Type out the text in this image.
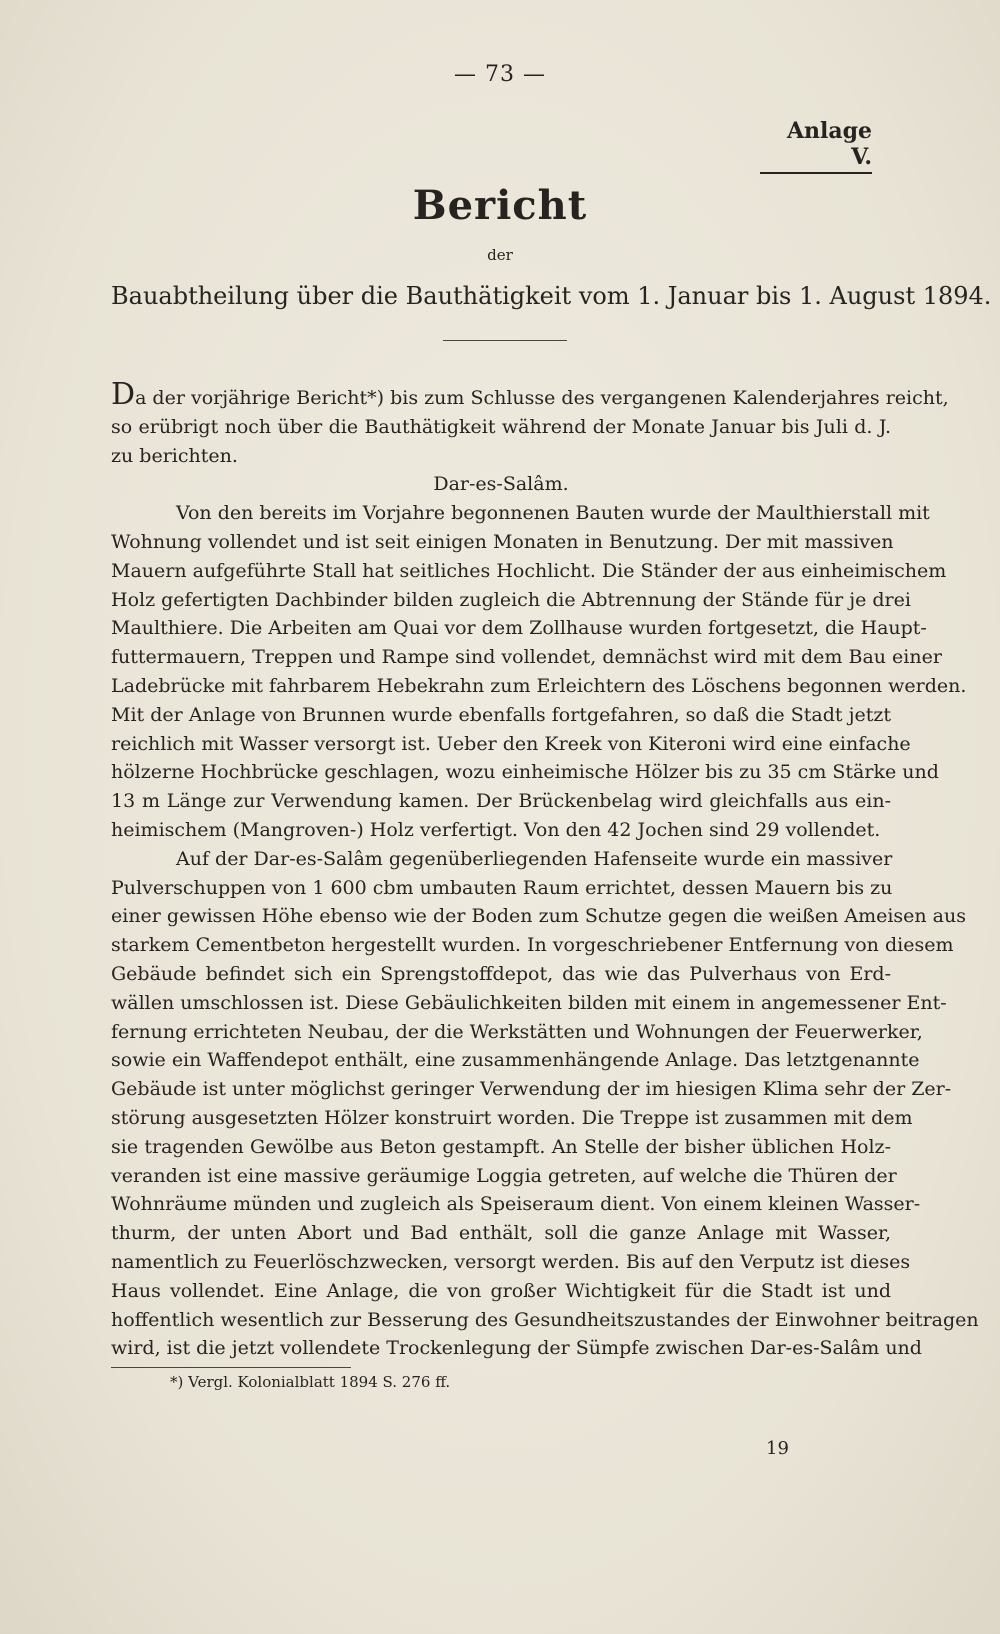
— 73 —
Anlage V.
Bericht
der
Bauabtheilung über die Bauthätigkeit vom 1. Januar bis 1. August 1894.
Da der vorjährige Bericht*) bis zum Schlusse des vergangenen Kalenderjahres reicht,
so erübrigt noch über die Bauthätigkeit während der Monate Januar bis Juli d. J.
zu berichten.
Dar-es-Salâm.
Von den bereits im Vorjahre begonnenen Bauten wurde der Maulthierstall mit
Wohnung vollendet und ist seit einigen Monaten in Benutzung. Der mit massiven
Mauern aufgeführte Stall hat seitliches Hochlicht. Die Ständer der aus einheimischem
Holz gefertigten Dachbinder bilden zugleich die Abtrennung der Stände für je drei
Maulthiere. Die Arbeiten am Quai vor dem Zollhause wurden fortgesetzt, die Haupt-
futtermauern, Treppen und Rampe sind vollendet, demnächst wird mit dem Bau einer
Ladebrücke mit fahrbarem Hebekrahn zum Erleichtern des Löschens begonnen werden.
Mit der Anlage von Brunnen wurde ebenfalls fortgefahren, so daß die Stadt jetzt
reichlich mit Wasser versorgt ist. Ueber den Kreek von Kiteroni wird eine einfache
hölzerne Hochbrücke geschlagen, wozu einheimische Hölzer bis zu 35 cm Stärke und
13 m Länge zur Verwendung kamen. Der Brückenbelag wird gleichfalls aus ein-
heimischem (Mangroven-) Holz verfertigt. Von den 42 Jochen sind 29 vollendet.
Auf der Dar-es-Salâm gegenüberliegenden Hafenseite wurde ein massiver
Pulverschuppen von 1 600 cbm umbauten Raum errichtet, dessen Mauern bis zu
einer gewissen Höhe ebenso wie der Boden zum Schutze gegen die weißen Ameisen aus
starkem Cementbeton hergestellt wurden. In vorgeschriebener Entfernung von diesem
Gebäude befindet sich ein Sprengstoffdepot, das wie das Pulverhaus von Erd-
wällen umschlossen ist. Diese Gebäulichkeiten bilden mit einem in angemessener Ent-
fernung errichteten Neubau, der die Werkstätten und Wohnungen der Feuerwerker,
sowie ein Waffendepot enthält, eine zusammenhängende Anlage. Das letztgenannte
Gebäude ist unter möglichst geringer Verwendung der im hiesigen Klima sehr der Zer-
störung ausgesetzten Hölzer konstruirt worden. Die Treppe ist zusammen mit dem
sie tragenden Gewölbe aus Beton gestampft. An Stelle der bisher üblichen Holz-
veranden ist eine massive geräumige Loggia getreten, auf welche die Thüren der
Wohnräume münden und zugleich als Speiseraum dient. Von einem kleinen Wasser-
thurm, der unten Abort und Bad enthält, soll die ganze Anlage mit Wasser,
namentlich zu Feuerlöschzwecken, versorgt werden. Bis auf den Verputz ist dieses
Haus vollendet. Eine Anlage, die von großer Wichtigkeit für die Stadt ist und
hoffentlich wesentlich zur Besserung des Gesundheitszustandes der Einwohner beitragen
wird, ist die jetzt vollendete Trockenlegung der Sümpfe zwischen Dar-es-Salâm und
*) Vergl. Kolonialblatt 1894 S. 276 ff.
19
